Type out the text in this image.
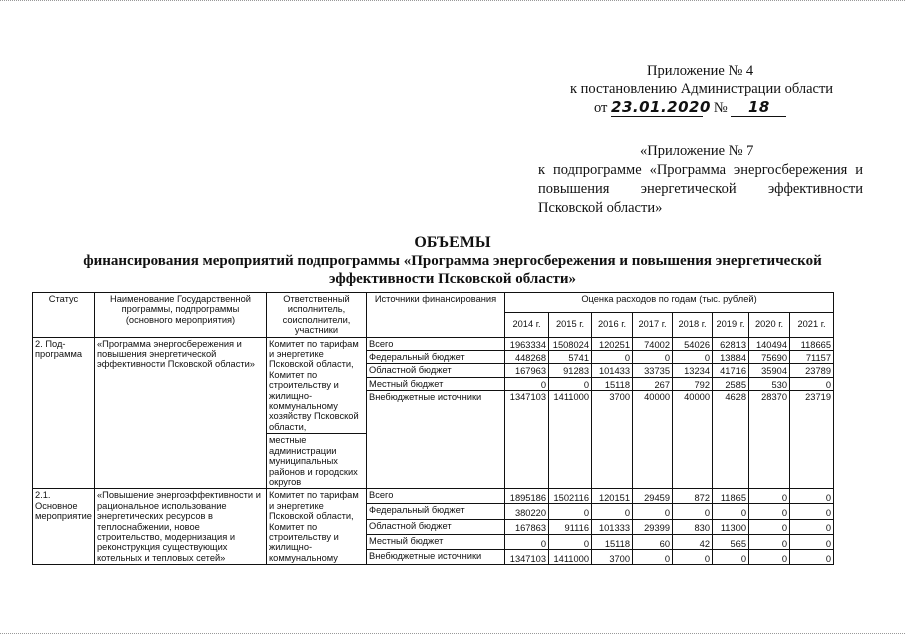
Приложение № 4
к постановлению Администрации области
от 23.01.2020 № 18
«Приложение № 7
к подпрограмме «Программа энергосбережения и повышения энергетической эффективности Псковской области»
ОБЪЕМЫ
финансирования мероприятий подпрограммы «Программа энергосбережения и повышения энергетической эффективности Псковской области»
Статус	Наименование Государственной программы, подпрограммы (основного мероприятия)	Ответственный исполнитель, соисполнители, участники	Источники финансирования	Оценка расходов по годам (тыс. рублей)							
				2014 г.	2015 г.	2016 г.	2017 г.	2018 г.	2019 г.	2020 г.	2021 г.
2. Под-программа	«Программа энергосбережения и повышения энергетической эффективности Псковской области»	Комитет по тарифам и энергетике Псковской области, Комитет по строительству и жилищно-коммунальному хозяйству Псковской области,	Всего	1963334	1508024	120251	74002	54026	62813	140494	118665
			Федеральный бюджет	448268	5741	0	0	0	13884	75690	71157
			Областной бюджет	167963	91283	101433	33735	13234	41716	35904	23789
			Местный бюджет	0	0	15118	267	792	2585	530	0
			Внебюджетные источники	1347103	1411000	3700	40000	40000	4628	28370	23719
		местные администрации муниципальных районов и городских округов									
2.1. Основное мероприятие	«Повышение энергоэффективности и рациональное использование энергетических ресурсов в теплоснабжении, новое строительство, модернизация и реконструкция существующих котельных и тепловых сетей»	Комитет по тарифам и энергетике Псковской области, Комитет по строительству и жилищно-коммунальному	Всего	1895186	1502116	120151	29459	872	11865	0	0
			Федеральный бюджет	380220	0	0	0	0	0	0	0
			Областной бюджет	167863	91116	101333	29399	830	11300	0	0
			Местный бюджет	0	0	15118	60	42	565	0	0
			Внебюджетные источники	1347103	1411000	3700	0	0	0	0	0
